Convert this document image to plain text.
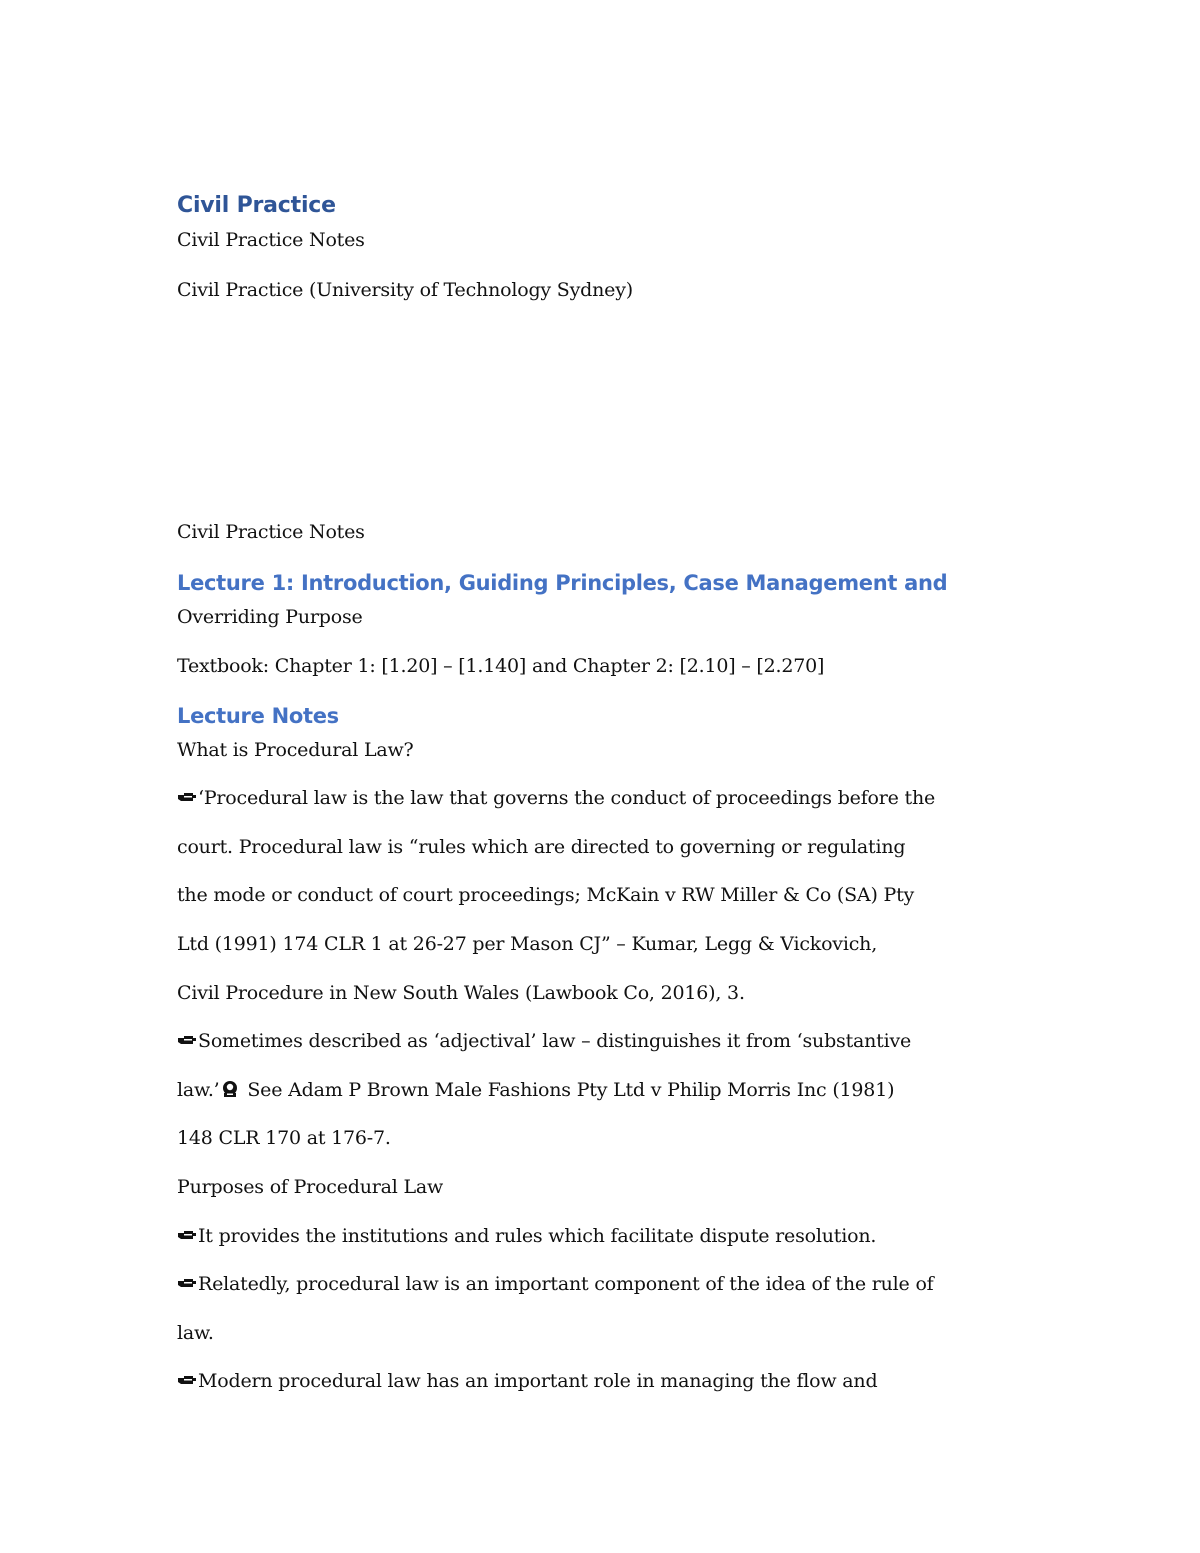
Civil Practice
Civil Practice Notes
Civil Practice (University of Technology Sydney)
Civil Practice Notes
Lecture 1: Introduction, Guiding Principles, Case Management and
Overriding Purpose
Textbook: Chapter 1: [1.20] – [1.140] and Chapter 2: [2.10] – [2.270]
Lecture Notes
What is Procedural Law?
‘Procedural law is the law that governs the conduct of proceedings before the
court. Procedural law is “rules which are directed to governing or regulating
the mode or conduct of court proceedings; McKain v RW Miller & Co (SA) Pty
Ltd (1991) 174 CLR 1 at 26-27 per Mason CJ” – Kumar, Legg & Vickovich,
Civil Procedure in New South Wales (Lawbook Co, 2016), 3.
Sometimes described as ‘adjectival’ law – distinguishes it from ‘substantive
law.’ See Adam P Brown Male Fashions Pty Ltd v Philip Morris Inc (1981)
148 CLR 170 at 176-7.
Purposes of Procedural Law
It provides the institutions and rules which facilitate dispute resolution.
Relatedly, procedural law is an important component of the idea of the rule of
law.
Modern procedural law has an important role in managing the flow and
